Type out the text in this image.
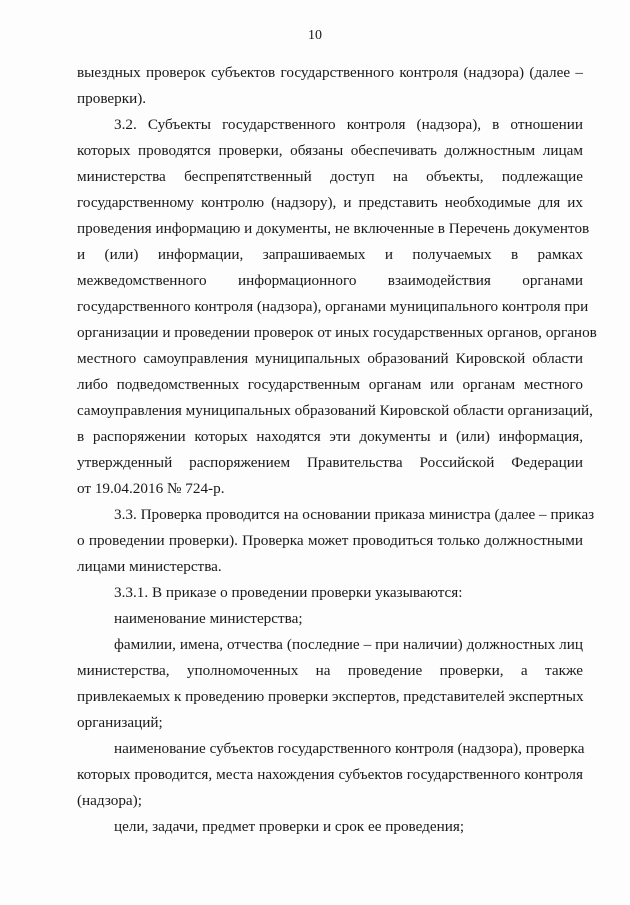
10
выездных проверок субъектов государственного контроля (надзора) (далее –
проверки).
3.2. Субъекты государственного контроля (надзора), в отношении
которых проводятся проверки, обязаны обеспечивать должностным лицам
министерства беспрепятственный доступ на объекты, подлежащие
государственному контролю (надзору), и представить необходимые для их
проведения информацию и документы, не включенные в Перечень документов
и (или) информации, запрашиваемых и получаемых в рамках
межведомственного информационного взаимодействия органами
государственного контроля (надзора), органами муниципального контроля при
организации и проведении проверок от иных государственных органов, органов
местного самоуправления муниципальных образований Кировской области
либо подведомственных государственным органам или органам местного
самоуправления муниципальных образований Кировской области организаций,
в распоряжении которых находятся эти документы и (или) информация,
утвержденный распоряжением Правительства Российской Федерации
от 19.04.2016 № 724-р.
3.3. Проверка проводится на основании приказа министра (далее – приказ
о проведении проверки). Проверка может проводиться только должностными
лицами министерства.
3.3.1. В приказе о проведении проверки указываются:
наименование министерства;
фамилии, имена, отчества (последние – при наличии) должностных лиц
министерства, уполномоченных на проведение проверки, а также
привлекаемых к проведению проверки экспертов, представителей экспертных
организаций;
наименование субъектов государственного контроля (надзора), проверка
которых проводится, места нахождения субъектов государственного контроля
(надзора);
цели, задачи, предмет проверки и срок ее проведения;
